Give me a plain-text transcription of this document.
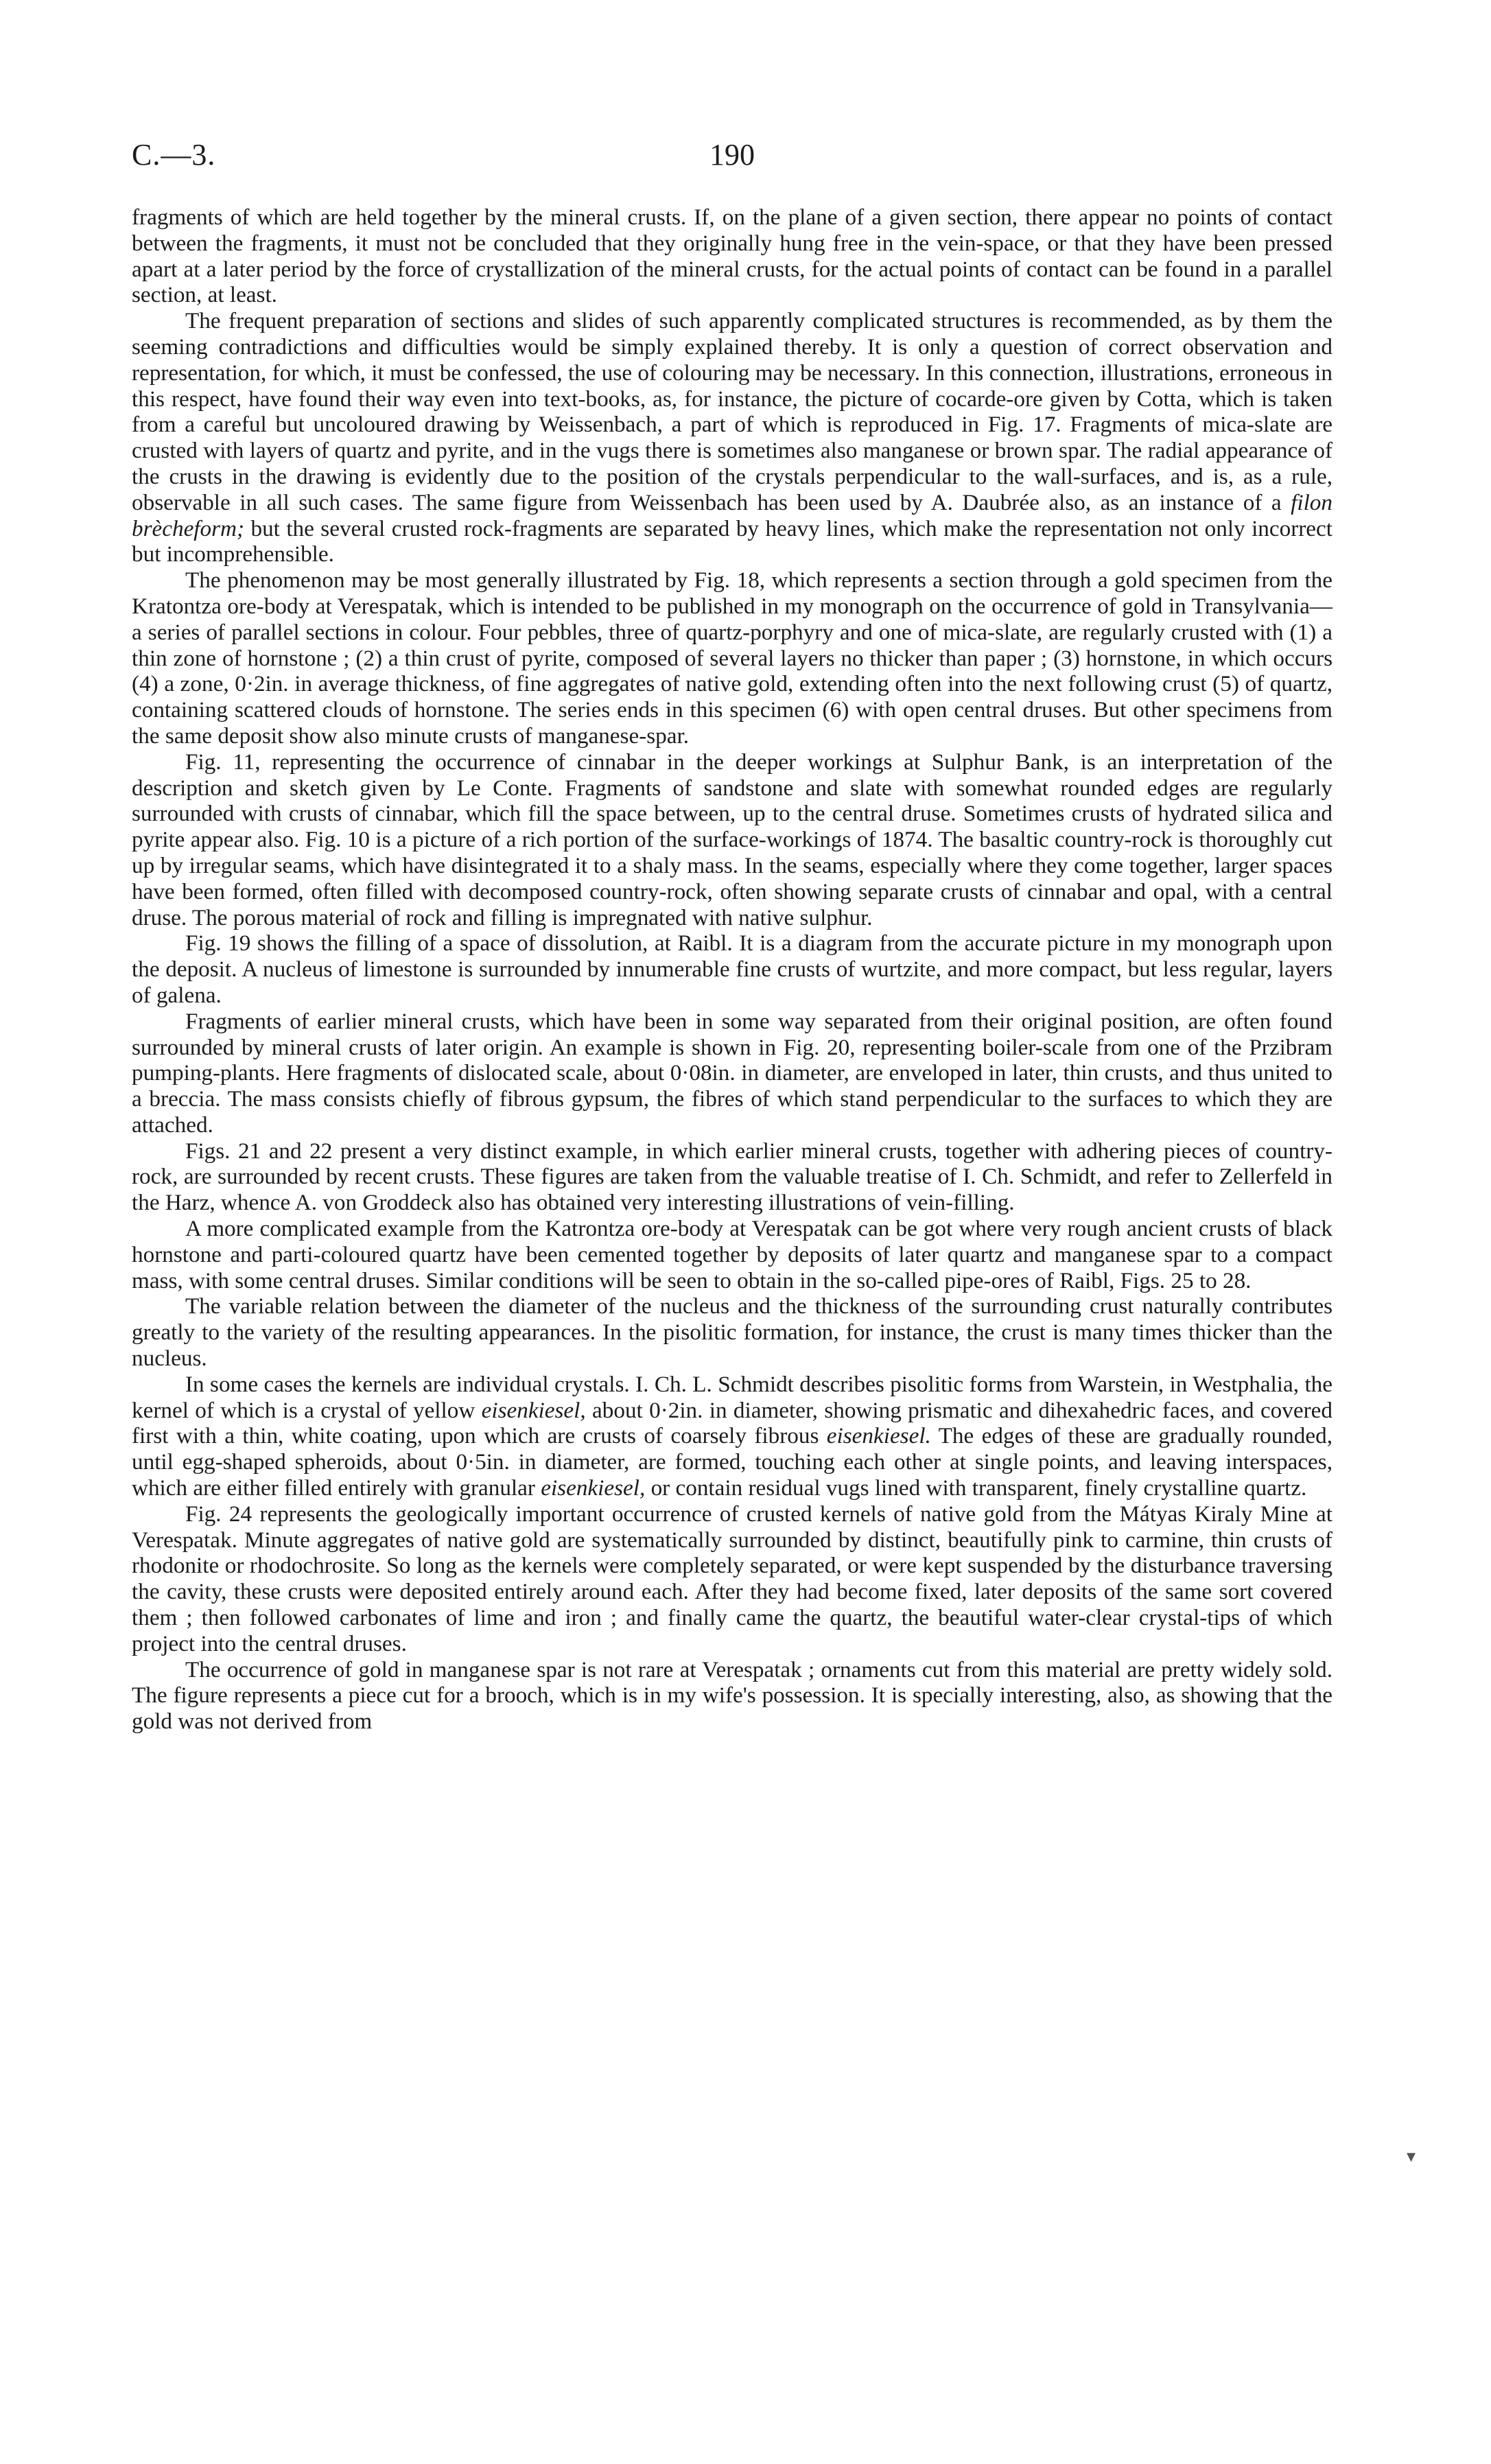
190
C.—3.

fragments of which are held together by the mineral crusts. If, on the plane of a given section, there appear no points of contact between the fragments, it must not be concluded that they originally hung free in the vein-space, or that they have been pressed apart at a later period by the force of crystallization of the mineral crusts, for the actual points of contact can be found in a parallel section, at least.

The frequent preparation of sections and slides of such apparently complicated structures is recommended, as by them the seeming contradictions and difficulties would be simply explained thereby. It is only a question of correct observation and representation, for which, it must be confessed, the use of colouring may be necessary. In this connection, illustrations, erroneous in this respect, have found their way even into text-books, as, for instance, the picture of cocarde-ore given by Cotta, which is taken from a careful but uncoloured drawing by Weissenbach, a part of which is reproduced in Fig. 17. Fragments of mica-slate are crusted with layers of quartz and pyrite, and in the vugs there is sometimes also manganese or brown spar. The radial appearance of the crusts in the drawing is evidently due to the position of the crystals perpendicular to the wall-surfaces, and is, as a rule, observable in all such cases. The same figure from Weissenbach has been used by A. Daubrée also, as an instance of a filon brècheform; but the several crusted rock-fragments are separated by heavy lines, which make the representation not only incorrect but incomprehensible.

The phenomenon may be most generally illustrated by Fig. 18, which represents a section through a gold specimen from the Kratontza ore-body at Verespatak, which is intended to be published in my monograph on the occurrence of gold in Transylvania—a series of parallel sections in colour. Four pebbles, three of quartz-porphyry and one of mica-slate, are regularly crusted with (1) a thin zone of hornstone ; (2) a thin crust of pyrite, composed of several layers no thicker than paper ; (3) hornstone, in which occurs (4) a zone, 0·2in. in average thickness, of fine aggregates of native gold, extending often into the next following crust (5) of quartz, containing scattered clouds of hornstone. The series ends in this specimen (6) with open central druses. But other specimens from the same deposit show also minute crusts of manganese-spar.

Fig. 11, representing the occurrence of cinnabar in the deeper workings at Sulphur Bank, is an interpretation of the description and sketch given by Le Conte. Fragments of sandstone and slate with somewhat rounded edges are regularly surrounded with crusts of cinnabar, which fill the space between, up to the central druse. Sometimes crusts of hydrated silica and pyrite appear also. Fig. 10 is a picture of a rich portion of the surface-workings of 1874. The basaltic country-rock is thoroughly cut up by irregular seams, which have disintegrated it to a shaly mass. In the seams, especially where they come together, larger spaces have been formed, often filled with decomposed country-rock, often showing separate crusts of cinnabar and opal, with a central druse. The porous material of rock and filling is impregnated with native sulphur.

Fig. 19 shows the filling of a space of dissolution, at Raibl. It is a diagram from the accurate picture in my monograph upon the deposit. A nucleus of limestone is surrounded by innumerable fine crusts of wurtzite, and more compact, but less regular, layers of galena.

Fragments of earlier mineral crusts, which have been in some way separated from their original position, are often found surrounded by mineral crusts of later origin. An example is shown in Fig. 20, representing boiler-scale from one of the Przibram pumping-plants. Here fragments of dislocated scale, about 0·08in. in diameter, are enveloped in later, thin crusts, and thus united to a breccia. The mass consists chiefly of fibrous gypsum, the fibres of which stand perpendicular to the surfaces to which they are attached.

Figs. 21 and 22 present a very distinct example, in which earlier mineral crusts, together with adhering pieces of country-rock, are surrounded by recent crusts. These figures are taken from the valuable treatise of I. Ch. Schmidt, and refer to Zellerfeld in the Harz, whence A. von Groddeck also has obtained very interesting illustrations of vein-filling.

A more complicated example from the Katrontza ore-body at Verespatak can be got where very rough ancient crusts of black hornstone and parti-coloured quartz have been cemented together by deposits of later quartz and manganese spar to a compact mass, with some central druses. Similar conditions will be seen to obtain in the so-called pipe-ores of Raibl, Figs. 25 to 28.

The variable relation between the diameter of the nucleus and the thickness of the surrounding crust naturally contributes greatly to the variety of the resulting appearances. In the pisolitic formation, for instance, the crust is many times thicker than the nucleus.

In some cases the kernels are individual crystals. I. Ch. L. Schmidt describes pisolitic forms from Warstein, in Westphalia, the kernel of which is a crystal of yellow eisenkiesel, about 0·2in. in diameter, showing prismatic and dihexahedric faces, and covered first with a thin, white coating, upon which are crusts of coarsely fibrous eisenkiesel. The edges of these are gradually rounded, until egg-shaped spheroids, about 0·5in. in diameter, are formed, touching each other at single points, and leaving interspaces, which are either filled entirely with granular eisenkiesel, or contain residual vugs lined with transparent, finely crystalline quartz.

Fig. 24 represents the geologically important occurrence of crusted kernels of native gold from the Mátyas Kiraly Mine at Verespatak. Minute aggregates of native gold are systematically surrounded by distinct, beautifully pink to carmine, thin crusts of rhodonite or rhodochrosite. So long as the kernels were completely separated, or were kept suspended by the disturbance traversing the cavity, these crusts were deposited entirely around each. After they had become fixed, later deposits of the same sort covered them ; then followed carbonates of lime and iron ; and finally came the quartz, the beautiful water-clear crystal-tips of which project into the central druses.

The occurrence of gold in manganese spar is not rare at Verespatak ; ornaments cut from this material are pretty widely sold. The figure represents a piece cut for a brooch, which is in my wife's possession. It is specially interesting, also, as showing that the gold was not derived from

▾
